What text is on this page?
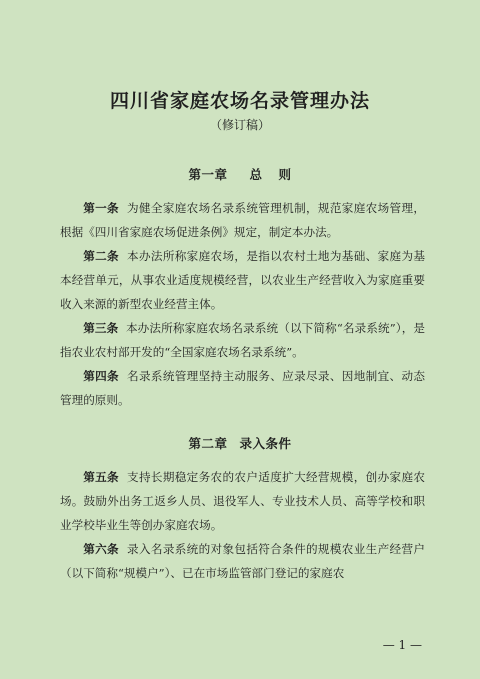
四川省家庭农场名录管理办法
（修订稿）
第一章 总 则

第一条 为健全家庭农场名录系统管理机制，规范家庭农场管理，根据《四川省家庭农场促进条例》规定，制定本办法。

第二条 本办法所称家庭农场，是指以农村土地为基础、家庭为基本经营单元，从事农业适度规模经营，以农业生产经营收入为家庭重要收入来源的新型农业经营主体。

第三条 本办法所称家庭农场名录系统（以下简称“名录系统”），是指农业农村部开发的“全国家庭农场名录系统”。

第四条 名录系统管理坚持主动服务、应录尽录、因地制宜、动态管理的原则。

第二章 录入条件

第五条 支持长期稳定务农的农户适度扩大经营规模，创办家庭农场。鼓励外出务工返乡人员、退役军人、专业技术人员、高等学校和职业学校毕业生等创办家庭农场。

第六条 录入名录系统的对象包括符合条件的规模农业生产经营户（以下简称“规模户”）、已在市场监管部门登记的家庭农

— 1 —
